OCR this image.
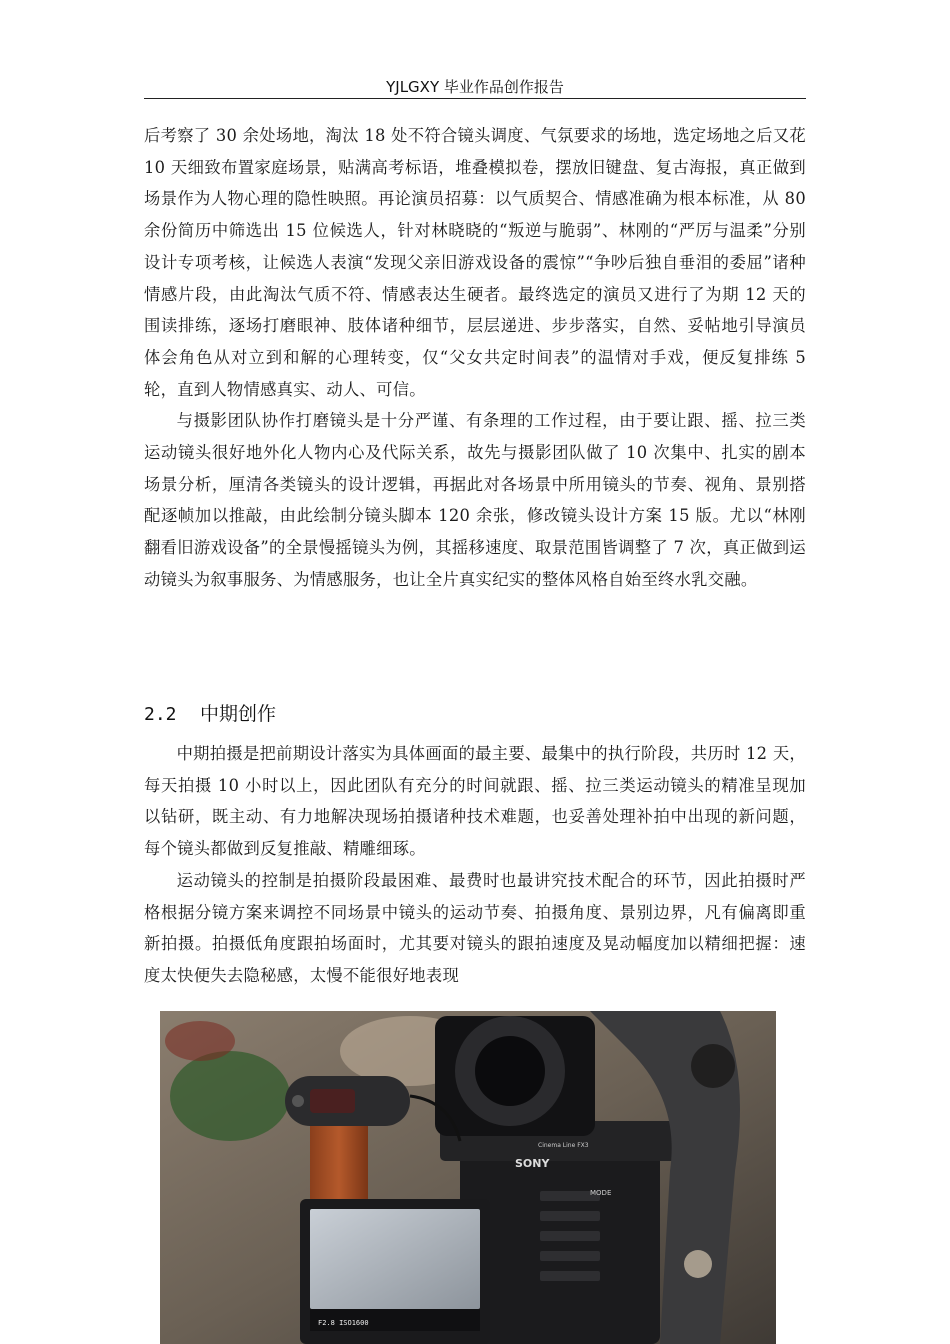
YJLGXY 毕业作品创作报告

后考察了 30 余处场地，淘汰 18 处不符合镜头调度、气氛要求的场地，选定场地之后又花 10 天细致布置家庭场景，贴满高考标语，堆叠模拟卷，摆放旧键盘、复古海报，真正做到场景作为人物心理的隐性映照。再论演员招募：以气质契合、情感准确为根本标准，从 80 余份简历中筛选出 15 位候选人，针对林晓晓的“叛逆与脆弱”、林刚的“严厉与温柔”分别设计专项考核，让候选人表演“发现父亲旧游戏设备的震惊”“争吵后独自垂泪的委屈”诸种情感片段，由此淘汰气质不符、情感表达生硬者。最终选定的演员又进行了为期 12 天的围读排练，逐场打磨眼神、肢体诸种细节，层层递进、步步落实，自然、妥帖地引导演员体会角色从对立到和解的心理转变，仅“父女共定时间表”的温情对手戏，便反复排练 5 轮，直到人物情感真实、动人、可信。

与摄影团队协作打磨镜头是十分严谨、有条理的工作过程，由于要让跟、摇、拉三类运动镜头很好地外化人物内心及代际关系，故先与摄影团队做了 10 次集中、扎实的剧本场景分析，厘清各类镜头的设计逻辑，再据此对各场景中所用镜头的节奏、视角、景别搭配逐帧加以推敲，由此绘制分镜头脚本 120 余张，修改镜头设计方案 15 版。尤以“林刚翻看旧游戏设备”的全景慢摇镜头为例，其摇移速度、取景范围皆调整了 7 次，真正做到运动镜头为叙事服务、为情感服务，也让全片真实纪实的整体风格自始至终水乳交融。

2.2 中期创作

中期拍摄是把前期设计落实为具体画面的最主要、最集中的执行阶段，共历时 12 天，每天拍摄 10 小时以上，因此团队有充分的时间就跟、摇、拉三类运动镜头的精准呈现加以钻研，既主动、有力地解决现场拍摄诸种技术难题，也妥善处理补拍中出现的新问题，每个镜头都做到反复推敲、精雕细琢。

运动镜头的控制是拍摄阶段最困难、最费时也最讲究技术配合的环节，因此拍摄时严格根据分镜方案来调控不同场景中镜头的运动节奏、拍摄角度、景别边界，凡有偏离即重新拍摄。拍摄低角度跟拍场面时，尤其要对镜头的跟拍速度及晃动幅度加以精细把握：速度太快便失去隐秘感，太慢不能很好地表现

SONY
Cinema Line FX3
MODE
F2.8 ISO1600
